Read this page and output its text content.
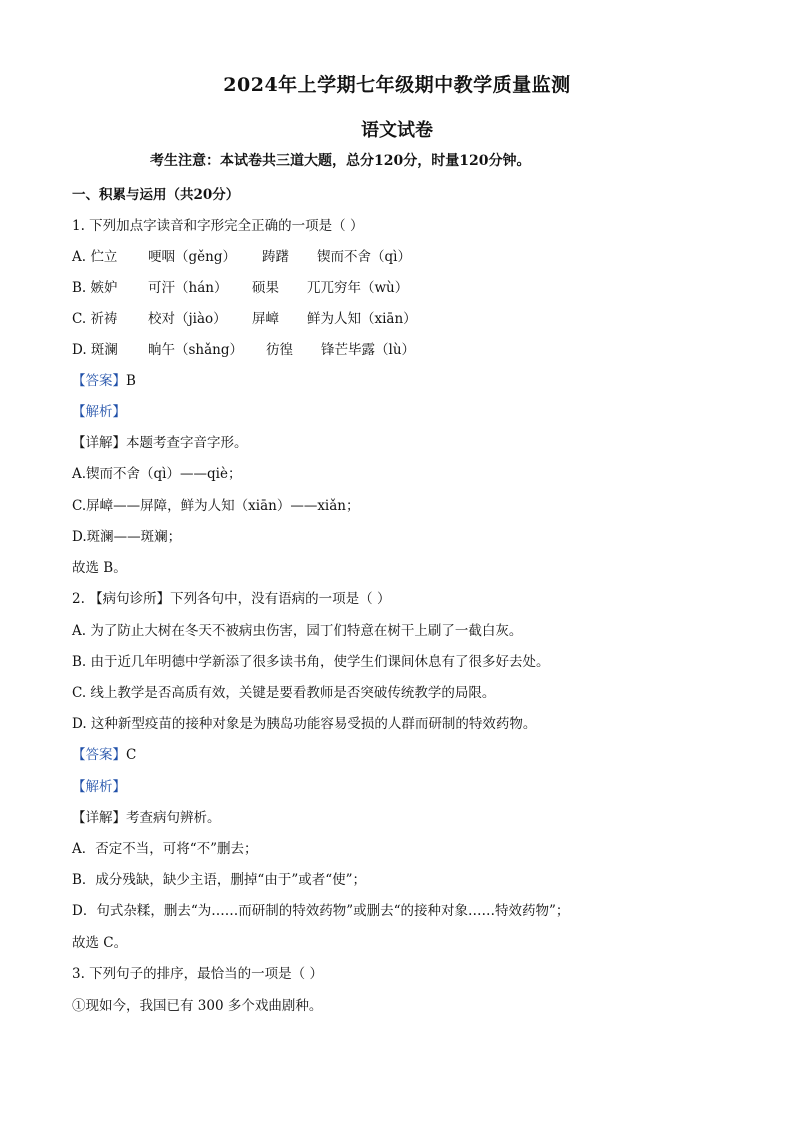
2024年上学期七年级期中教学质量监测
语文试卷
考生注意：本试卷共三道大题，总分120分，时量120分钟。
一、积累与运用（共20分）
1. 下列加点字读音和字形完全正确的一项是（ ）
A. 伫立 哽咽（gěng） 踌躇 锲而不舍（qì）
B. 嫉妒 可汗（hán） 硕果 兀兀穷年（wù）
C. 祈祷 校对（jiào） 屏嶂 鲜为人知（xiān）
D. 斑澜 晌午（shǎng） 彷徨 锋芒毕露（lù）
【答案】B
【解析】
【详解】本题考查字音字形。
A.锲而不舍（qì）——qiè；
C.屏嶂——屏障，鲜为人知（xiān）——xiǎn；
D.斑澜——斑斓；
故选 B。
2. 【病句诊所】下列各句中，没有语病的一项是（ ）
A. 为了防止大树在冬天不被病虫伤害，园丁们特意在树干上刷了一截白灰。
B. 由于近几年明德中学新添了很多读书角，使学生们课间休息有了很多好去处。
C. 线上教学是否高质有效，关键是要看教师是否突破传统教学的局限。
D. 这种新型疫苗的接种对象是为胰岛功能容易受损的人群而研制的特效药物。
【答案】C
【解析】
【详解】考查病句辨析。
A．否定不当，可将“不”删去；
B．成分残缺，缺少主语，删掉“由于”或者“使”；
D．句式杂糅，删去“为……而研制的特效药物”或删去“的接种对象……特效药物”；
故选 C。
3. 下列句子的排序，最恰当的一项是（ ）
①现如今，我国已有 300 多个戏曲剧种。
